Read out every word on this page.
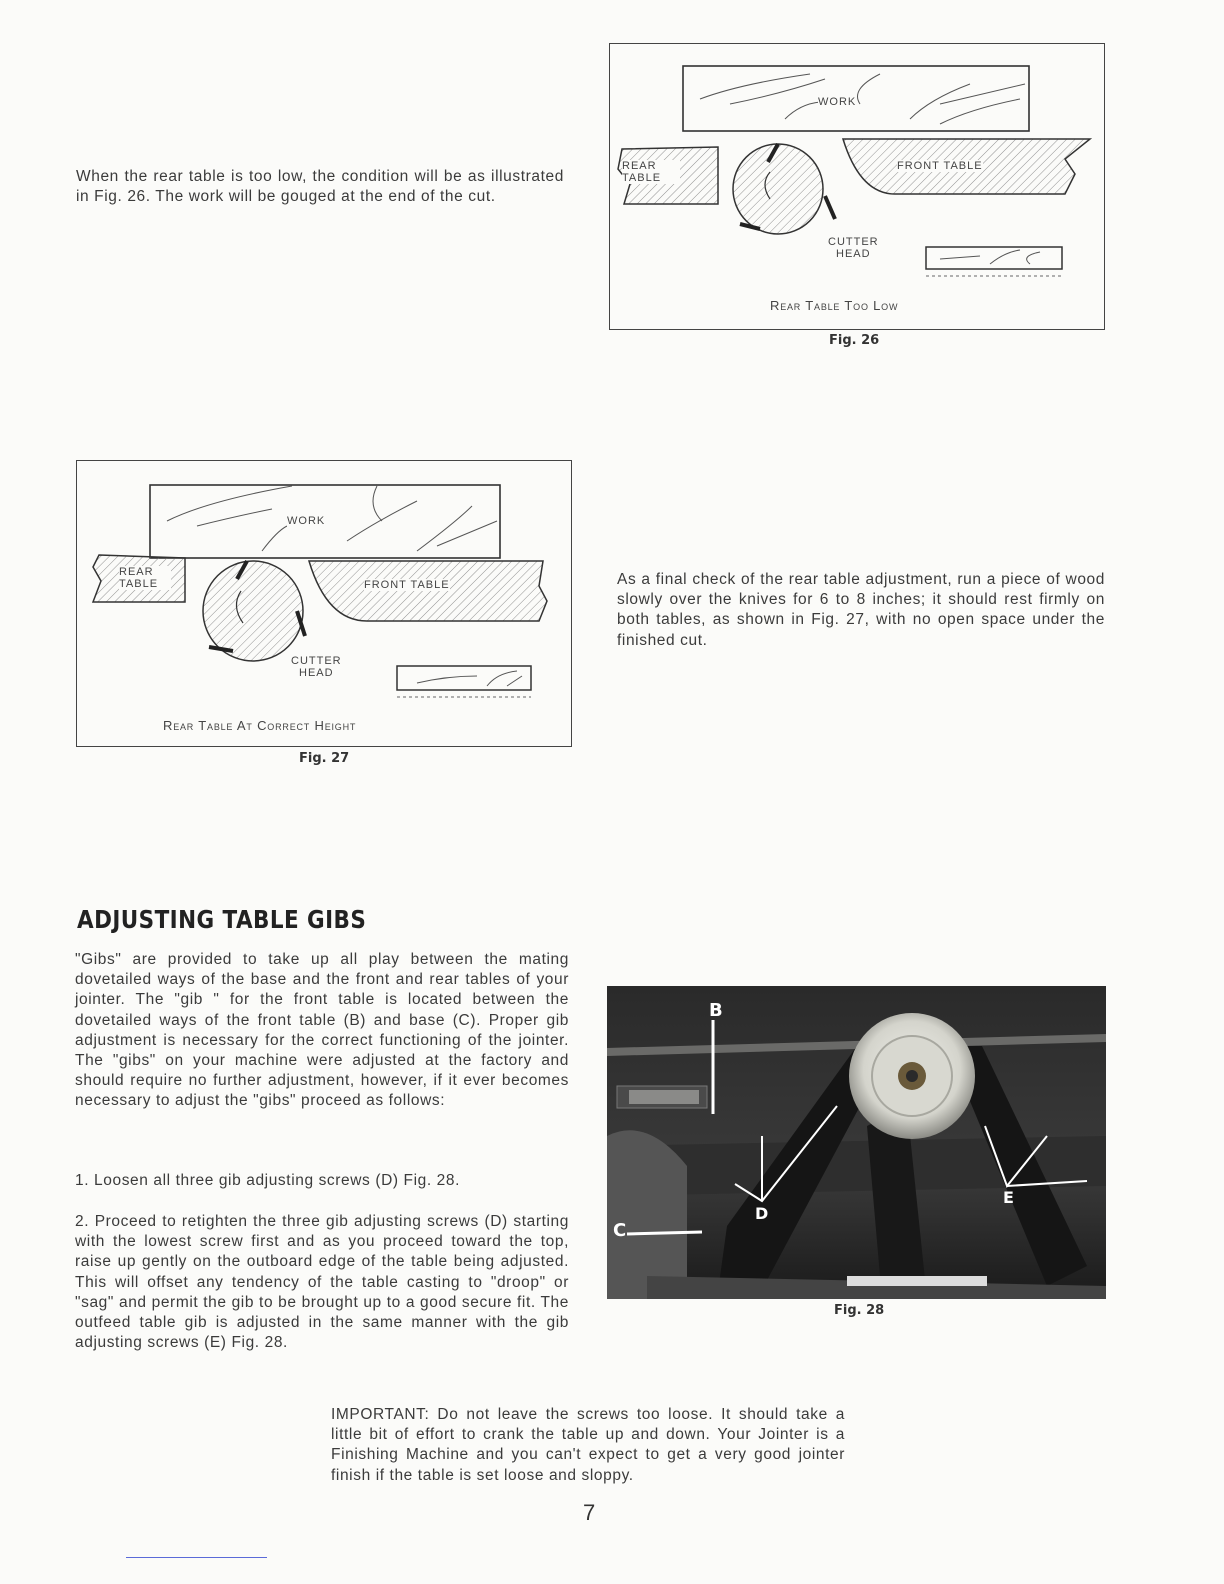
When the rear table is too low, the condition will be as illustrated in Fig. 26. The work will be gouged at the end of the cut.

WORK
REAR TABLE
FRONT TABLE
CUTTER
HEAD
Rear Table Too Low
Fig. 26
WORK
REAR TABLE	FRONT TABLE
CUTTER
HEAD
Rear Table At Correct Height
Fig. 27

As a final check of the rear table adjustment, run a piece of wood slowly over the knives for 6 to 8 inches; it should rest firmly on both tables, as shown in Fig. 27, with no open space under the finished cut.

ADJUSTING TABLE GIBS

"Gibs" are provided to take up all play between the mating dovetailed ways of the base and the front and rear tables of your jointer. The "gib " for the front table is located between the dovetailed ways of the front table (B) and base (C). Proper gib adjustment is necessary for the correct functioning of the jointer. The "gibs" on your machine were adjusted at the factory and should require no further adjustment, however, if it ever becomes necessary to adjust the "gibs" proceed as follows:

1. Loosen all three gib adjusting screws (D) Fig. 28.

2. Proceed to retighten the three gib adjusting screws (D) starting with the lowest screw first and as you proceed toward the top, raise up gently on the outboard edge of the table being adjusted. This will offset any tendency of the table casting to "droop" or "sag" and permit the gib to be brought up to a good secure fit. The outfeed table gib is adjusted in the same manner with the gib adjusting screws (E) Fig. 28.

B
C
D
E
Fig. 28

IMPORTANT: Do not leave the screws too loose. It should take a little bit of effort to crank the table up and down. Your Jointer is a Finishing Machine and you can't expect to get a very good jointer finish if the table is set loose and sloppy.

7
